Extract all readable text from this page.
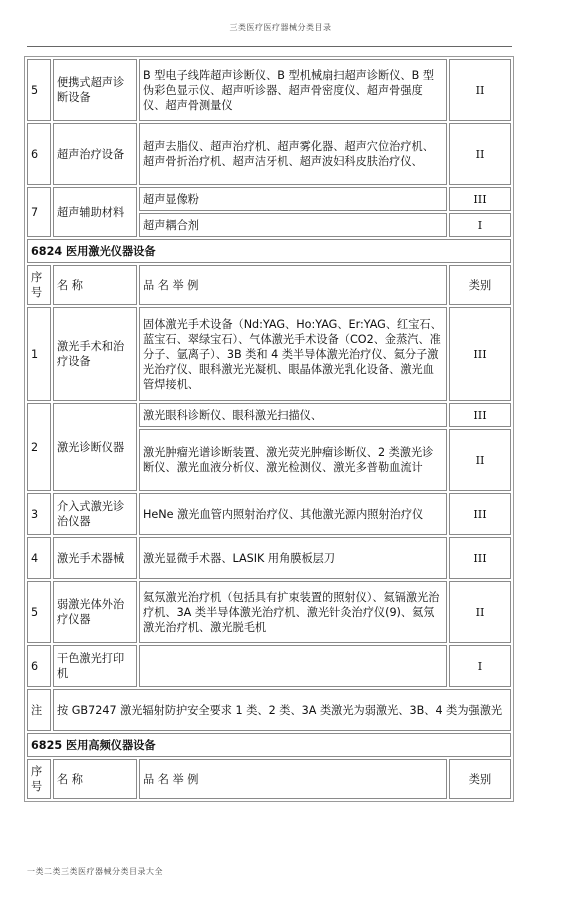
三类医疗医疗器械分类目录
5	便携式超声诊断设备	B 型电子线阵超声诊断仪、B 型机械扇扫超声诊断仪、B 型伪彩色显示仪、超声听诊器、超声骨密度仪、超声骨强度仪、超声骨测量仪	II
6	超声治疗设备	超声去脂仪、超声治疗机、超声雾化器、超声穴位治疗机、超声骨折治疗机、超声洁牙机、超声波妇科皮肤治疗仪、	II
7	超声辅助材料	超声显像粉	III
		超声耦合剂	I
6824 医用激光仪器设备			
序号	名 称	品 名 举 例	类别
1	激光手术和治疗设备	固体激光手术设备（Nd:YAG、Ho:YAG、Er:YAG、红宝石、蓝宝石、翠绿宝石）、气体激光手术设备（CO2、金蒸汽、准分子、氩离子）、3B 类和 4 类半导体激光治疗仪、氦分子激光治疗仪、眼科激光光凝机、眼晶体激光乳化设备、激光血管焊接机、	III
2	激光诊断仪器	激光眼科诊断仪、眼科激光扫描仪、	III
		激光肿瘤光谱诊断装置、激光荧光肿瘤诊断仪、2 类激光诊断仪、激光血液分析仪、激光检测仪、激光多普勒血流计	II
3	介入式激光诊治仪器	HeNe 激光血管内照射治疗仪、其他激光源内照射治疗仪	III
4	激光手术器械	激光显微手术器、LASIK 用角膜板层刀	III
5	弱激光体外治疗仪器	氦氖激光治疗机（包括具有扩束装置的照射仪）、氦镉激光治疗机、3A 类半导体激光治疗机、激光针灸治疗仪(9)、氦氖激光治疗机、激光脱毛机	II
6	干色激光打印机		I
注	按 GB7247 激光辐射防护安全要求 1 类、2 类、3A 类激光为弱激光、3B、4 类为强激光		
6825 医用高频仪器设备			
序号	名 称	品 名 举 例	类别
一类二类三类医疗器械分类目录大全
